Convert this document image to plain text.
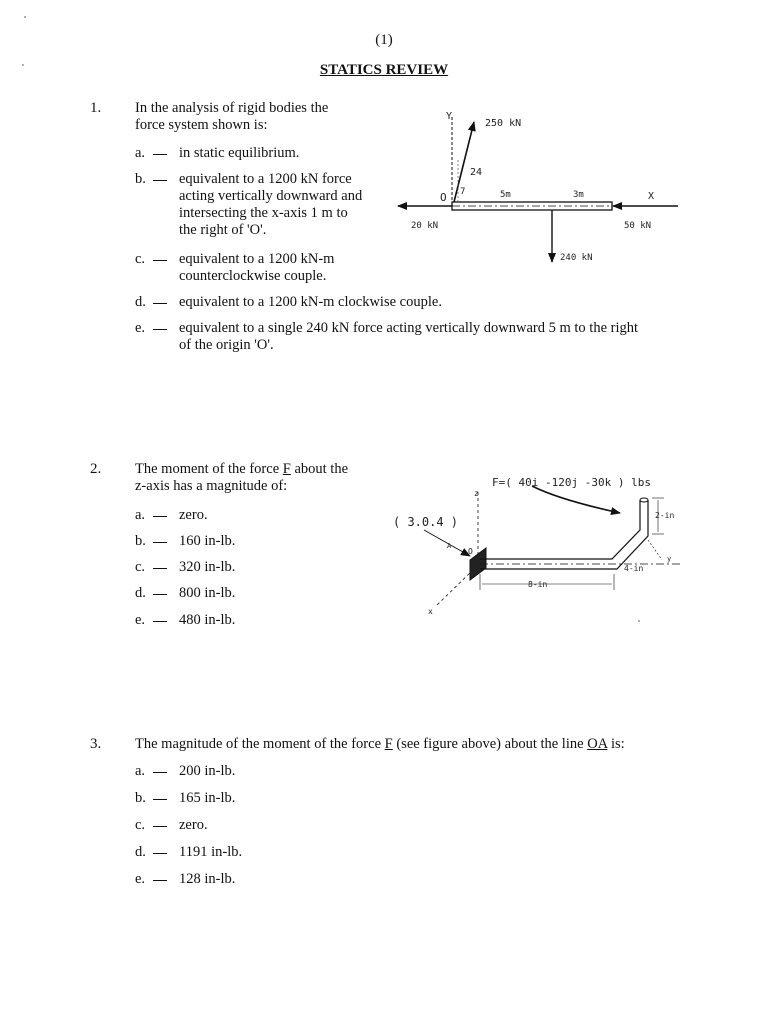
(1)
STATICS REVIEW
1. In the analysis of rigid bodies the
force system shown is:
a. in static equilibrium.
b. equivalent to a 1200 kN force
acting vertically downward and
intersecting the x-axis 1 m to
the right of 'O'.
c. equivalent to a 1200 kN-m
counterclockwise couple.
d. equivalent to a 1200 kN-m clockwise couple.
e. equivalent to a single 240 kN force acting vertically downward 5 m to the right
of the origin 'O'.
Y
X
O
250 kN
24
7	5m	3m
20 kN	50 kN
240 kN
2. The moment of the force F about the
z-axis has a magnitude of:
a. zero.
b. 160 in-lb.
c. 320 in-lb.
d. 800 in-lb.
e. 480 in-lb.
F=( 40i -120j -30k ) lbs
z
x
( 3.0.4 )
A
O
y
8-in
4-in
2-in
3. The magnitude of the moment of the force F (see figure above) about the line OA is:
a. 200 in-lb.
b. 165 in-lb.
c. zero.
d. 1191 in-lb.
e. 128 in-lb.
